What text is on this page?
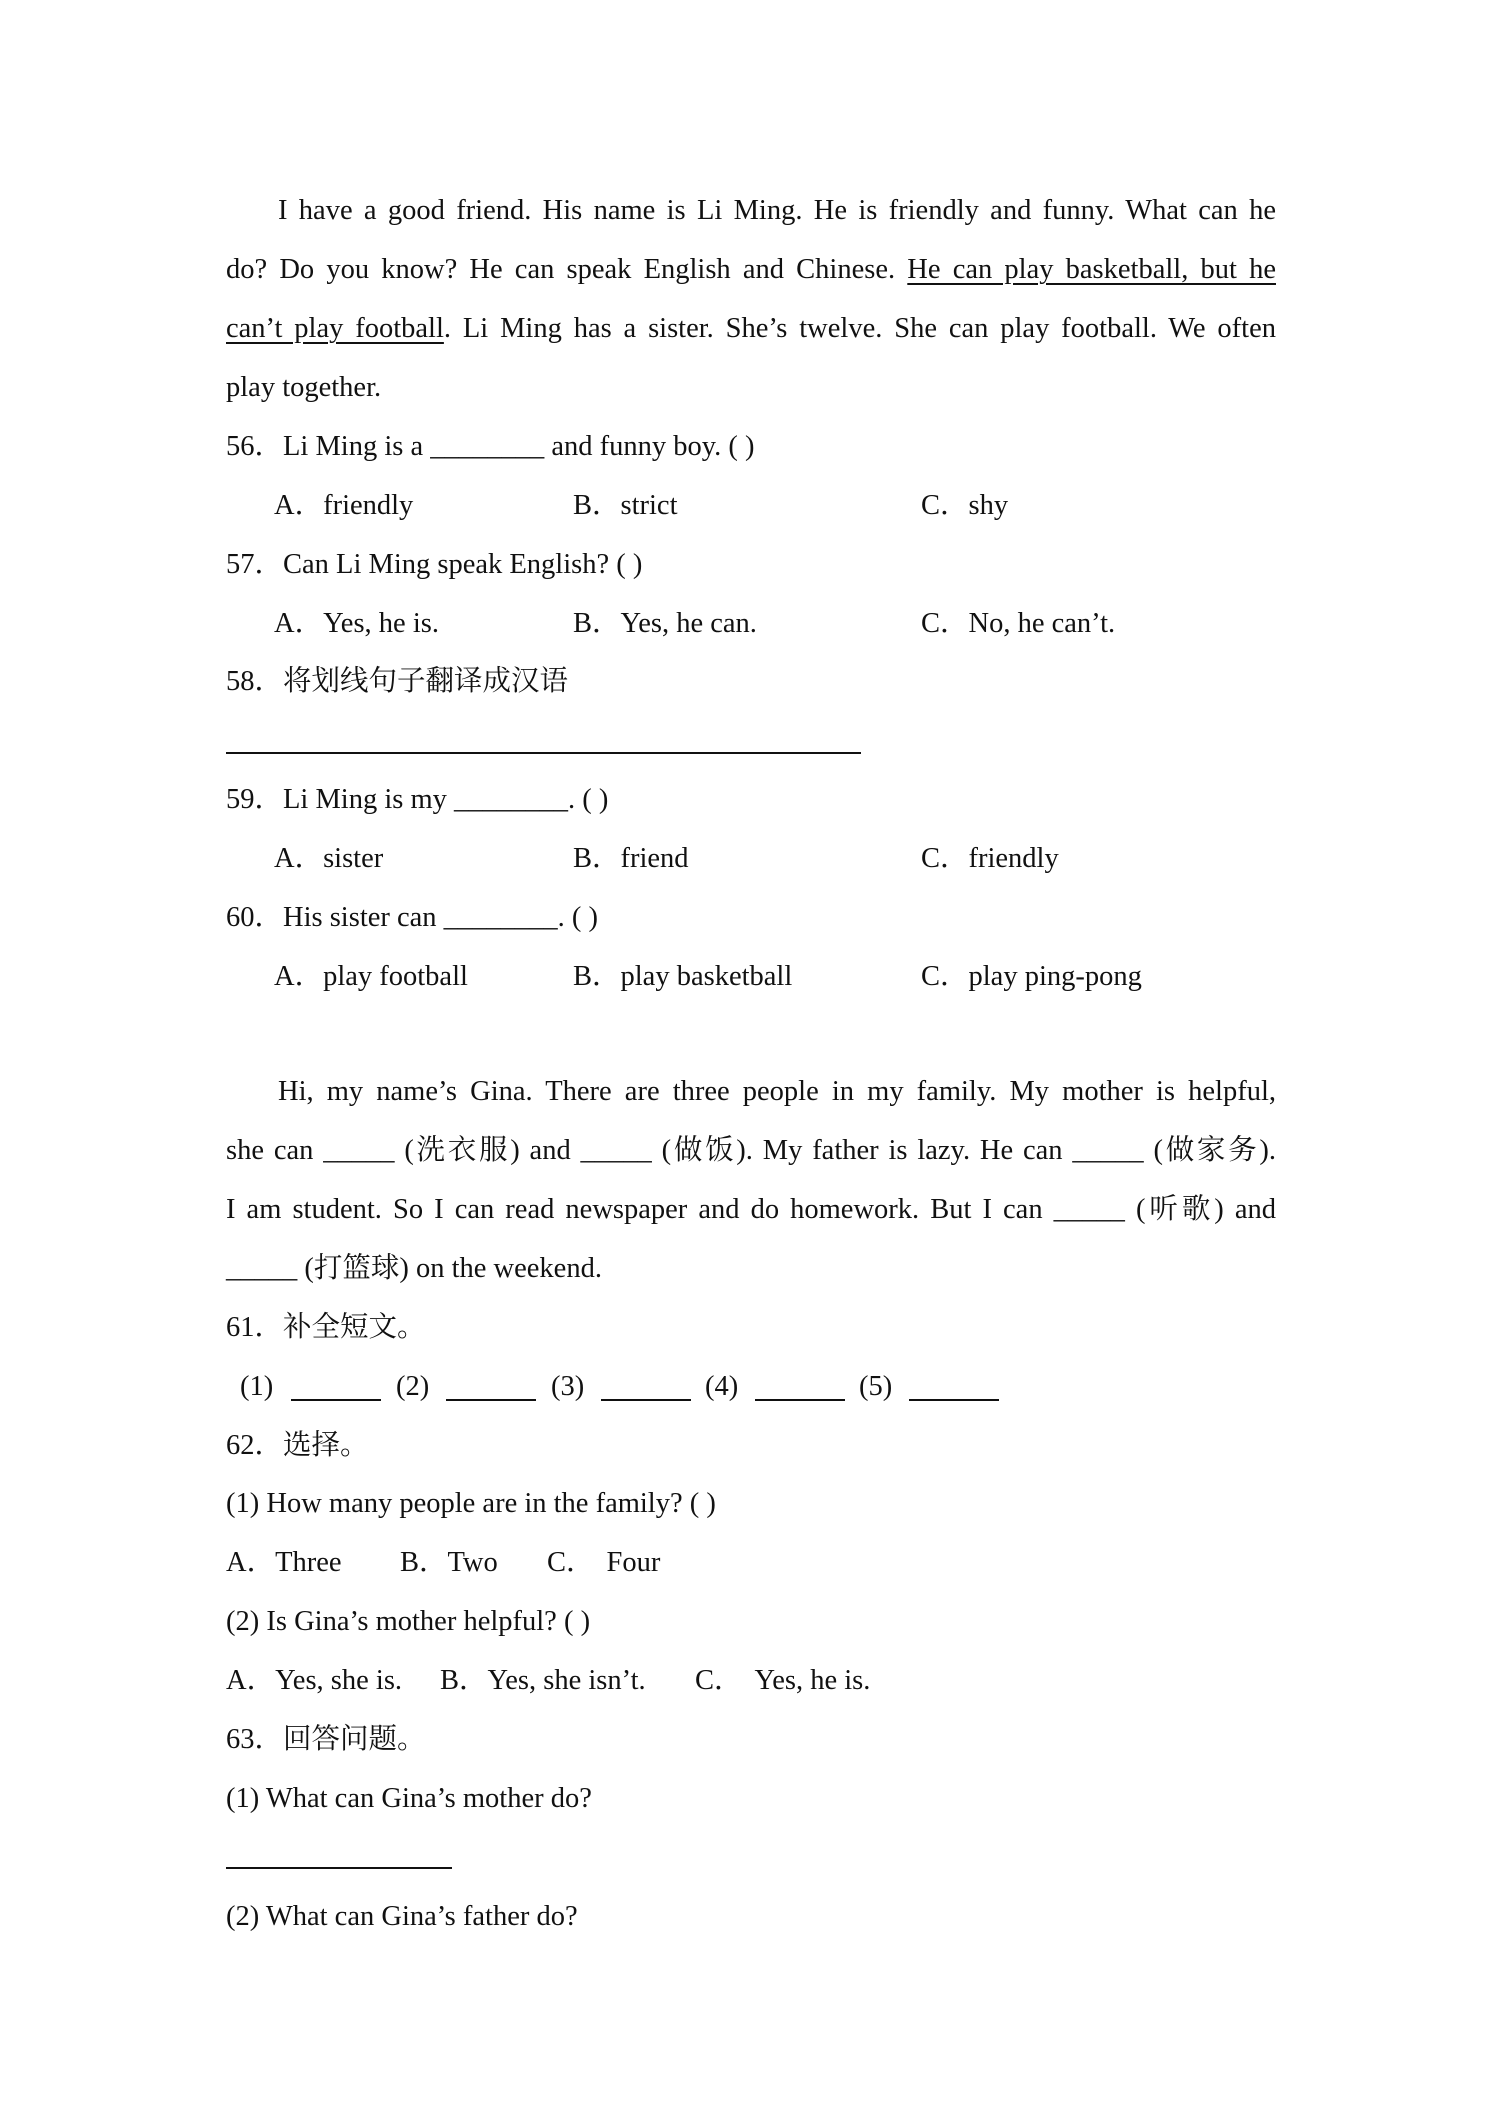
I have a good friend. His name is Li Ming. He is friendly and funny. What can he
do? Do you know? He can speak English and Chinese. He can play basketball, but he
can’t play football. Li Ming has a sister. She’s twelve. She can play football. We often
play together.
56．Li Ming is a ________ and funny boy. ( )
A．friendly	B．strict	C．shy
57．Can Li Ming speak English? ( )
A．Yes, he is.	B．Yes, he can.	C．No, he can’t.
58．将划线句子翻译成汉语
59．Li Ming is my ________. ( )
A．sister	B．friend	C．friendly
60．His sister can ________. ( )
A．play football	B．play basketball	C．play ping-pong
Hi, my name’s Gina. There are three people in my family. My mother is helpful,
she can _____ (洗衣服) and _____ (做饭). My father is lazy. He can _____ (做家务).
I am student. So I can read newspaper and do homework. But I can _____ (听歌) and
_____ (打篮球) on the weekend.
61．补全短文。
(1)	(2)	(3)	(4)	(5)
62．选择。
(1) How many people are in the family? ( )
A．Three B．Two C． Four
(2) Is Gina’s mother helpful? ( )
A．Yes, she is. B．Yes, she isn’t. C． Yes, he is.
63．回答问题。
(1) What can Gina’s mother do?
(2) What can Gina’s father do?
